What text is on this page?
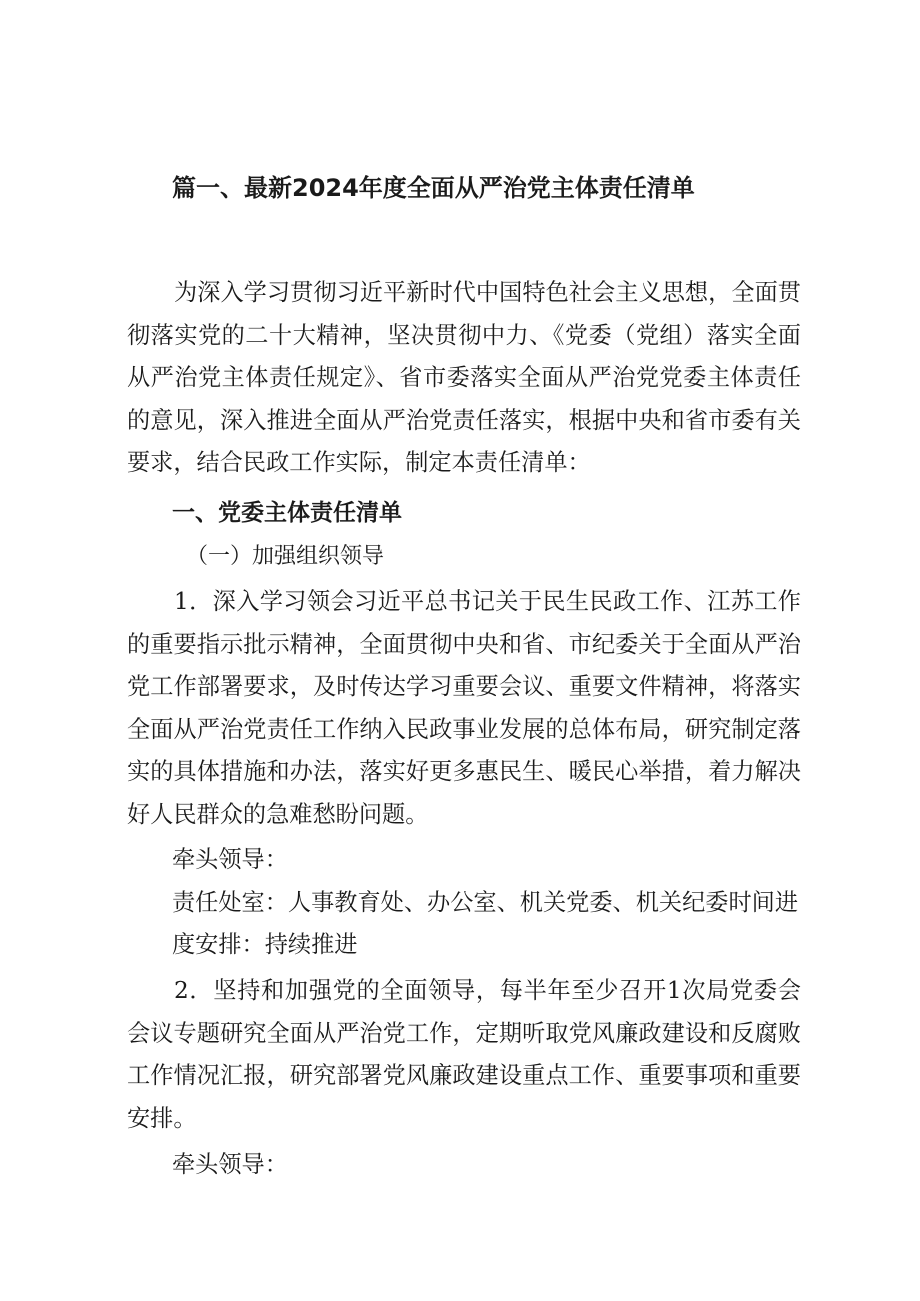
篇一、最新2024年度全面从严治党主体责任清单
为深入学习贯彻习近平新时代中国特色社会主义思想，全面贯彻落实党的二十大精神，坚决贯彻中力、《党委（党组）落实全面从严治党主体责任规定》、省市委落实全面从严治党党委主体责任的意见，深入推进全面从严治党责任落实，根据中央和省市委有关要求，结合民政工作实际，制定本责任清单：
一、党委主体责任清单
（一）加强组织领导
1．深入学习领会习近平总书记关于民生民政工作、江苏工作的重要指示批示精神，全面贯彻中央和省、市纪委关于全面从严治党工作部署要求，及时传达学习重要会议、重要文件精神，将落实全面从严治党责任工作纳入民政事业发展的总体布局，研究制定落实的具体措施和办法，落实好更多惠民生、暖民心举措，着力解决好人民群众的急难愁盼问题。
牵头领导：
责任处室：人事教育处、办公室、机关党委、机关纪委时间进
度安排：持续推进
2．坚持和加强党的全面领导，每半年至少召开1次局党委会会议专题研究全面从严治党工作，定期听取党风廉政建设和反腐败工作情况汇报，研究部署党风廉政建设重点工作、重要事项和重要安排。
牵头领导：
